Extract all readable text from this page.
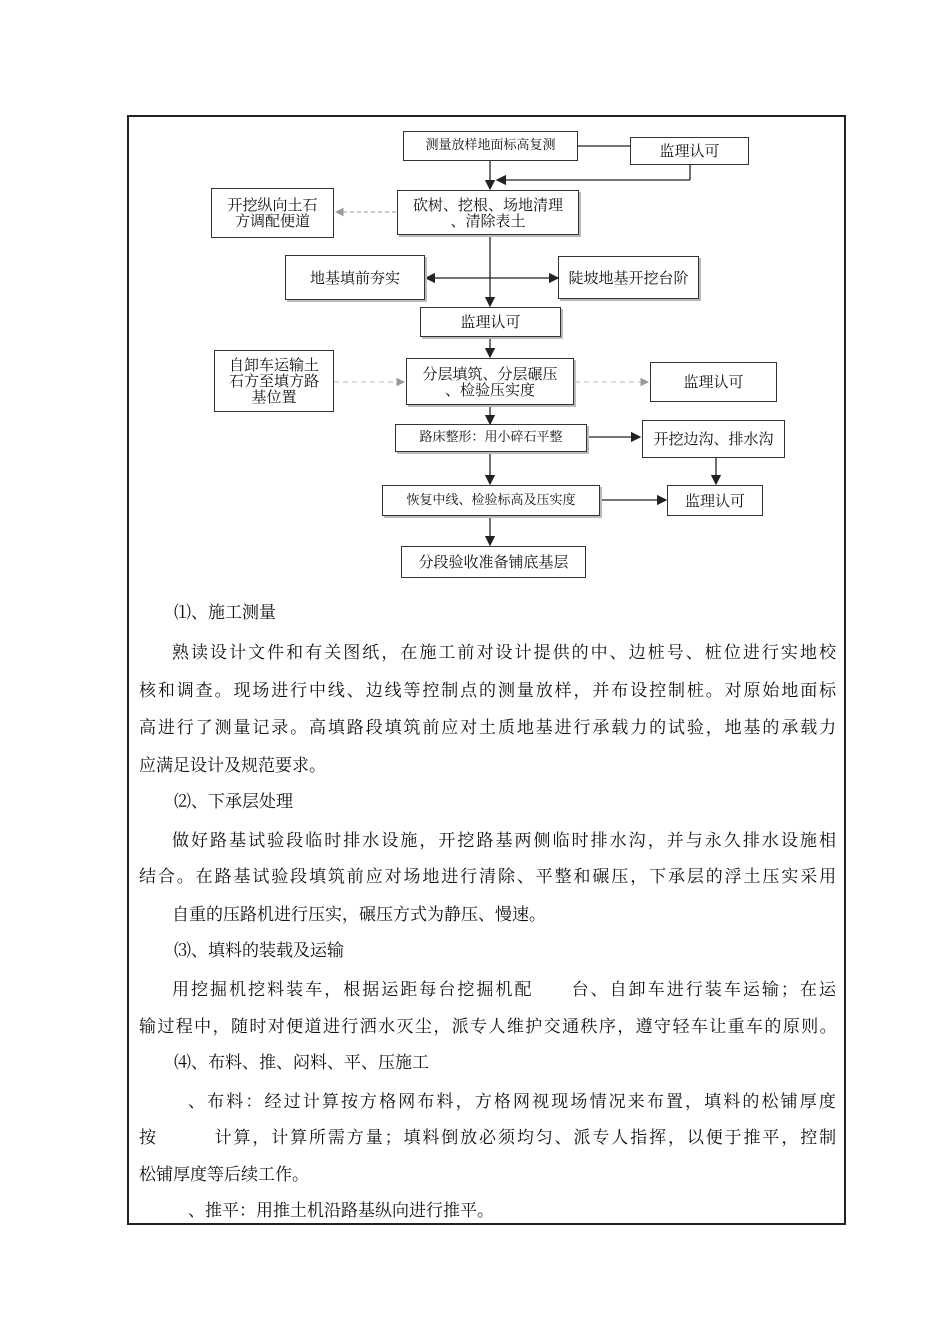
测量放样地面标高复测	监理认可
开挖纵向土石
方调配便道
砍树、挖根、场地清理
、清除表土
地基填前夯实	陡坡地基开挖台阶
监理认可
自卸车运输土
石方至填方路
基位置
分层填筑、分层碾压
、检验压实度	监理认可
路床整形：用小碎石平整	开挖边沟、排水沟
恢复中线、检验标高及压实度	监理认可
分段验收准备铺底基层
⑴、施工测量
熟读设计文件和有关图纸，在施工前对设计提供的中、边桩号、桩位进行实地校
核和调查。现场进行中线、边线等控制点的测量放样，并布设控制桩。对原始地面标
高进行了测量记录。高填路段填筑前应对土质地基进行承载力的试验，地基的承载力
应满足设计及规范要求。
⑵、下承层处理
做好路基试验段临时排水设施，开挖路基两侧临时排水沟，并与永久排水设施相
结合。在路基试验段填筑前应对场地进行清除、平整和碾压，下承层的浮土压实采用
自重的压路机进行压实，碾压方式为静压、慢速。
⑶、填料的装载及运输
用挖掘机挖料装车，根据运距每台挖掘机配　　台、自卸车进行装车运输；在运
输过程中，随时对便道进行洒水灭尘，派专人维护交通秩序，遵守轻车让重车的原则。
⑷、布料、推、闷料、平、压施工
、布料：经过计算按方格网布料，方格网视现场情况来布置，填料的松铺厚度
按　　　计算，计算所需方量；填料倒放必须均匀、派专人指挥，以便于推平，控制
松铺厚度等后续工作。
、推平：用推土机沿路基纵向进行推平。
